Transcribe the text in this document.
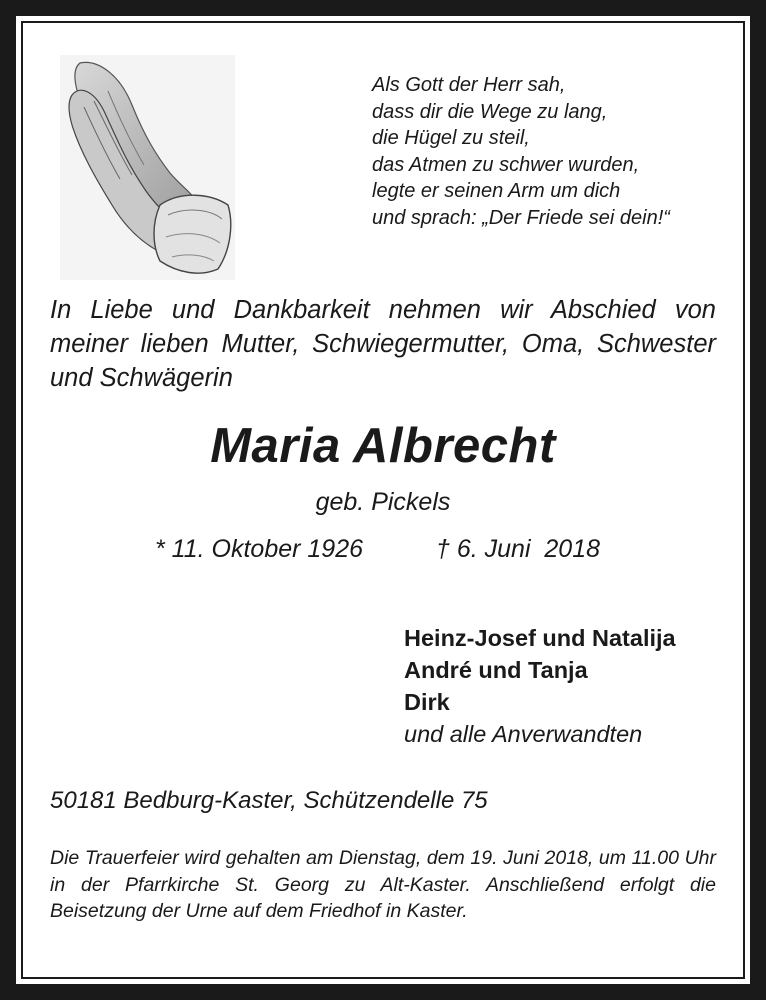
Als Gott der Herr sah,
dass dir die Wege zu lang,
die Hügel zu steil,
das Atmen zu schwer wurden,
legte er seinen Arm um dich
und sprach: „Der Friede sei dein!“

In Liebe und Dankbarkeit nehmen wir Abschied von meiner lieben Mutter, Schwiegermutter, Oma, Schwester und Schwägerin

Maria Albrecht

geb. Pickels

* 11. Oktober 1926	† 6. Juni  2018
Heinz-Josef und Natalija
André und Tanja
Dirk
und alle Anverwandten

50181 Bedburg-Kaster, Schützendelle 75

Die Trauerfeier wird gehalten am Dienstag, dem 19. Juni 2018, um 11.00 Uhr in der Pfarrkirche St. Georg zu Alt-Kaster. Anschließend erfolgt die Beisetzung der Urne auf dem Friedhof in Kaster.
